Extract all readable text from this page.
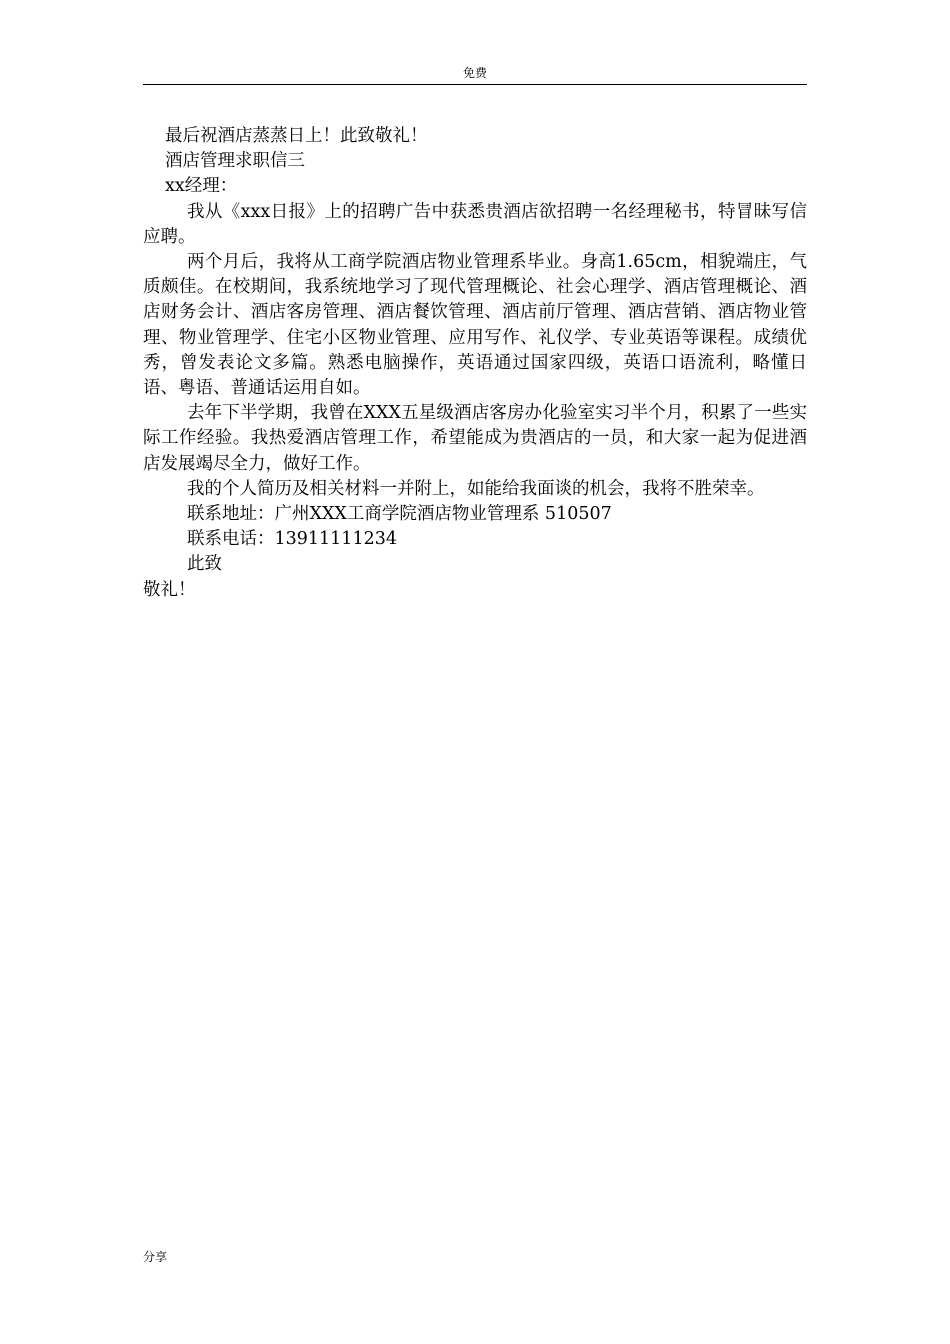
免费

最后祝酒店蒸蒸日上！此致敬礼！

酒店管理求职信三

xx经理：

我从《xxx日报》上的招聘广告中获悉贵酒店欲招聘一名经理秘书，特冒昧写信应聘。

两个月后，我将从工商学院酒店物业管理系毕业。身高1.65cm，相貌端庄，气质颇佳。在校期间，我系统地学习了现代管理概论、社会心理学、酒店管理概论、酒店财务会计、酒店客房管理、酒店餐饮管理、酒店前厅管理、酒店营销、酒店物业管理、物业管理学、住宅小区物业管理、应用写作、礼仪学、专业英语等课程。成绩优秀，曾发表论文多篇。熟悉电脑操作，英语通过国家四级，英语口语流利，略懂日语、粤语、普通话运用自如。

去年下半学期，我曾在XXX五星级酒店客房办化验室实习半个月，积累了一些实际工作经验。我热爱酒店管理工作，希望能成为贵酒店的一员，和大家一起为促进酒店发展竭尽全力，做好工作。

我的个人简历及相关材料一并附上，如能给我面谈的机会，我将不胜荣幸。

联系地址：广州XXX工商学院酒店物业管理系 510507

联系电话：13911111234

此致

敬礼！

分享
